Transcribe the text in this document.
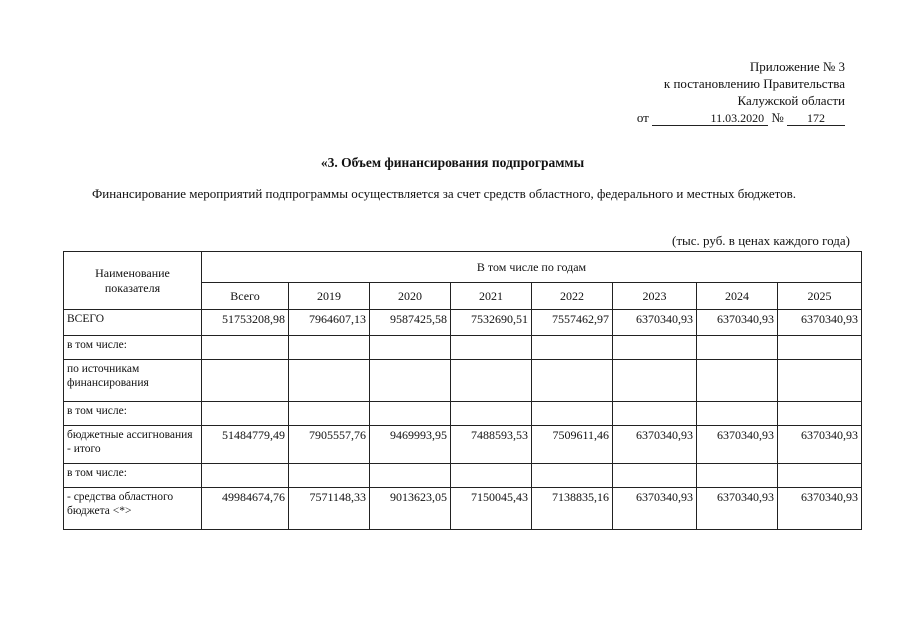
Приложение № 3
к постановлению Правительства
Калужской области
от	11.03.2020 № 172
«3. Объем финансирования подпрограммы
Финансирование мероприятий подпрограммы осуществляется за счет средств областного, федерального и местных бюджетов.
(тыс. руб. в ценах каждого года)
Наименование показателя	В том числе по годам							
	Всего	2019	2020	2021	2022	2023	2024	2025
ВСЕГО	51753208,98	7964607,13	9587425,58	7532690,51	7557462,97	6370340,93	6370340,93	6370340,93
в том числе:								
по источникам финансирования								
в том числе:								
бюджетные ассигнования - итого	51484779,49	7905557,76	9469993,95	7488593,53	7509611,46	6370340,93	6370340,93	6370340,93
в том числе:								
- средства областного бюджета <*>	49984674,76	7571148,33	9013623,05	7150045,43	7138835,16	6370340,93	6370340,93	6370340,93
